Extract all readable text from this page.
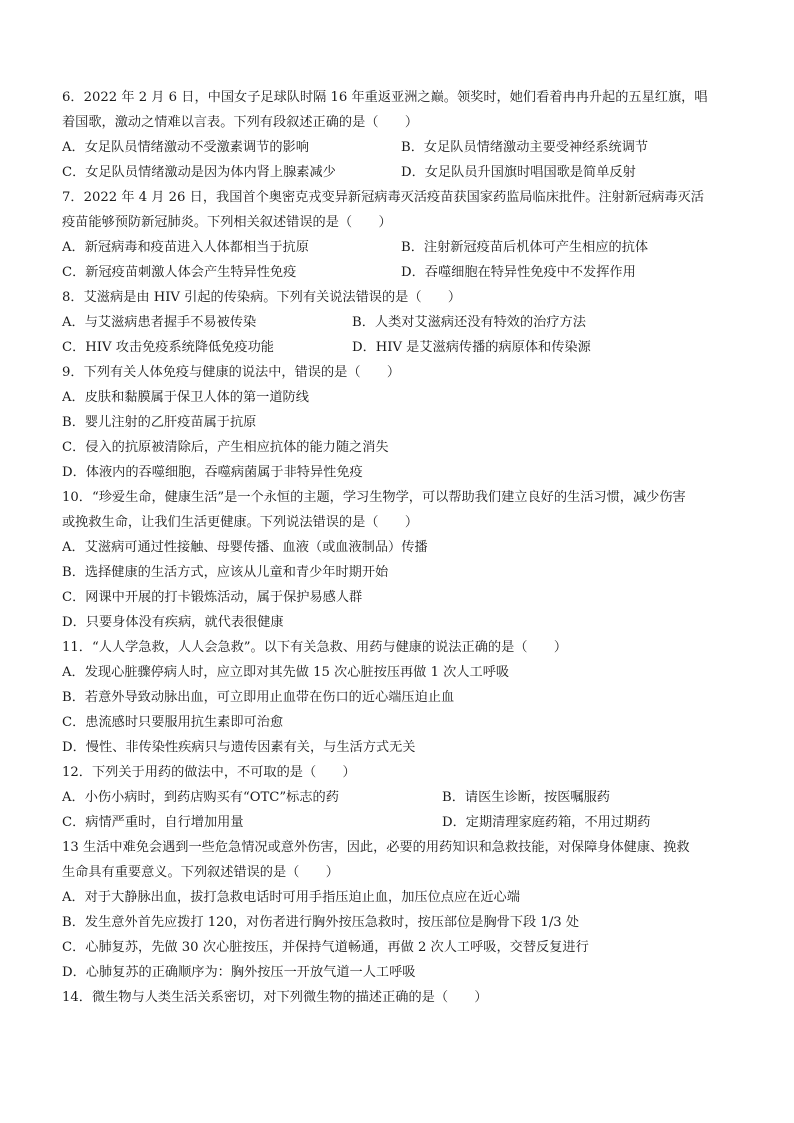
6．2022 年 2 月 6 日，中国女子足球队时隔 16 年重返亚洲之巅。领奖时，她们看着冉冉升起的五星红旗，唱
着国歌，激动之情难以言表。下列有段叙述正确的是（　　）
A．女足队员情绪激动不受激素调节的影响	B．女足队员情绪激动主要受神经系统调节
C．女足队员情绪激动是因为体内肾上腺素减少	D．女足队员升国旗时唱国歌是简单反射
7．2022 年 4 月 26 日，我国首个奥密克戎变异新冠病毒灭活疫苗获国家药监局临床批件。注射新冠病毒灭活
疫苗能够预防新冠肺炎。下列相关叙述错误的是（　　）
A．新冠病毒和疫苗进入人体都相当于抗原	B．注射新冠疫苗后机体可产生相应的抗体
C．新冠疫苗刺激人体会产生特异性免疫	D．吞噬细胞在特异性免疫中不发挥作用
8．艾滋病是由 HIV 引起的传染病。下列有关说法错误的是（　　）
A．与艾滋病患者握手不易被传染	B．人类对艾滋病还没有特效的治疗方法
C．HIV 攻击免疫系统降低免疫功能	D．HIV 是艾滋病传播的病原体和传染源
9．下列有关人体免疫与健康的说法中，错误的是（　　）
A．皮肤和黏膜属于保卫人体的第一道防线
B．婴儿注射的乙肝疫苗属于抗原
C．侵入的抗原被清除后，产生相应抗体的能力随之消失
D．体液内的吞噬细胞，吞噬病菌属于非特异性免疫
10．“珍爱生命，健康生活”是一个永恒的主题，学习生物学，可以帮助我们建立良好的生活习惯，减少伤害
或挽救生命，让我们生活更健康。下列说法错误的是（　　）
A．艾滋病可通过性接触、母婴传播、血液（或血液制品）传播
B．选择健康的生活方式，应该从儿童和青少年时期开始
C．网课中开展的打卡锻炼活动，属于保护易感人群
D．只要身体没有疾病，就代表很健康
11．“人人学急救，人人会急救”。以下有关急救、用药与健康的说法正确的是（　　）
A．发现心脏骤停病人时，应立即对其先做 15 次心脏按压再做 1 次人工呼吸
B．若意外导致动脉出血，可立即用止血带在伤口的近心端压迫止血
C．患流感时只要服用抗生素即可治愈
D．慢性、非传染性疾病只与遗传因素有关，与生活方式无关
12．下列关于用药的做法中，不可取的是（　　）
A．小伤小病时，到药店购买有“OTC”标志的药	B．请医生诊断，按医嘱服药
C．病情严重时，自行增加用量	D．定期清理家庭药箱，不用过期药
13 生活中难免会遇到一些危急情况或意外伤害，因此，必要的用药知识和急救技能，对保障身体健康、挽救
生命具有重要意义。下列叙述错误的是（　　）
A．对于大静脉出血，拔打急救电话时可用手指压迫止血，加压位点应在近心端
B．发生意外首先应拨打 120，对伤者进行胸外按压急救时，按压部位是胸骨下段 1/3 处
C．心肺复苏，先做 30 次心脏按压，并保持气道畅通，再做 2 次人工呼吸，交替反复进行
D．心肺复苏的正确顺序为：胸外按压一开放气道一人工呼吸
14．微生物与人类生活关系密切，对下列微生物的描述正确的是（　　）
